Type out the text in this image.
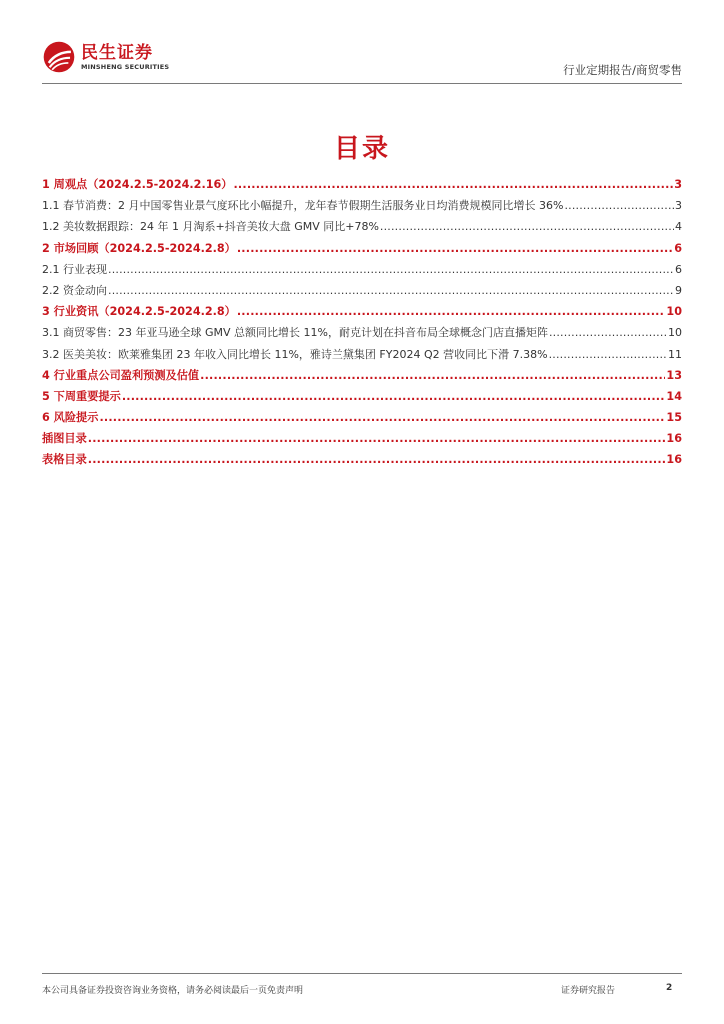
民生证券
MINSHENG SECURITIES	行业定期报告/商贸零售
目录
1 周观点（2024.2.5-2024.2.16） .....	3
1.1 春节消费：2 月中国零售业景气度环比小幅提升，龙年春节假期生活服务业日均消费规模同比增长 36% .....	3
1.2 美妆数据跟踪：24 年 1 月淘系+抖音美妆大盘 GMV 同比+78% .....	4
2 市场回顾（2024.2.5-2024.2.8） .....	6
2.1 行业表现 .....	6
2.2 资金动向 .....	9
3 行业资讯（2024.2.5-2024.2.8） .....	10
3.1 商贸零售：23 年亚马逊全球 GMV 总额同比增长 11%，耐克计划在抖音布局全球概念门店直播矩阵 .....	10
3.2 医美美妆：欧莱雅集团 23 年收入同比增长 11%，雅诗兰黛集团 FY2024 Q2 营收同比下滑 7.38% .....	11
4 行业重点公司盈利预测及估值 .....	13
5 下周重要提示 .....	14
6 风险提示 .....	15
插图目录 .....	16
表格目录 .....	16
本公司具备证券投资咨询业务资格，请务必阅读最后一页免责声明	证券研究报告	2
